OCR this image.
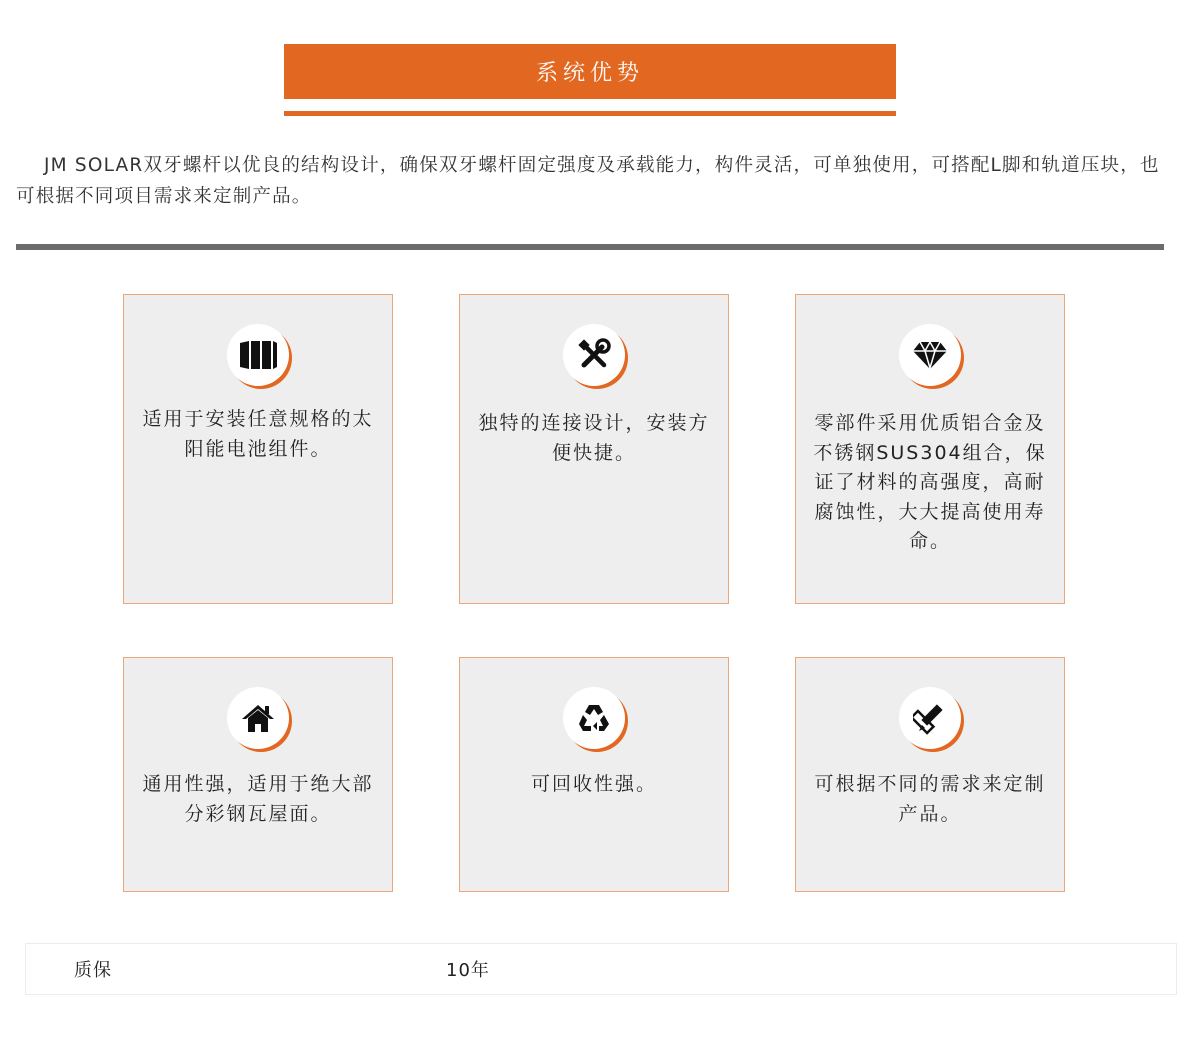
系统优势

JM SOLAR双牙螺杆以优良的结构设计，确保双牙螺杆固定强度及承载能力，构件灵活，可单独使用，可搭配L脚和轨道压块，也可根据不同项目需求来定制产品。

适用于安装任意规格的太阳能电池组件。

独特的连接设计，安装方便快捷。

零部件采用优质铝合金及不锈钢SUS304组合，保证了材料的高强度，高耐腐蚀性，大大提高使用寿命。

通用性强，适用于绝大部分彩钢瓦屋面。

可回收性强。	可根据不同的需求来定制产品。

质保	10年
